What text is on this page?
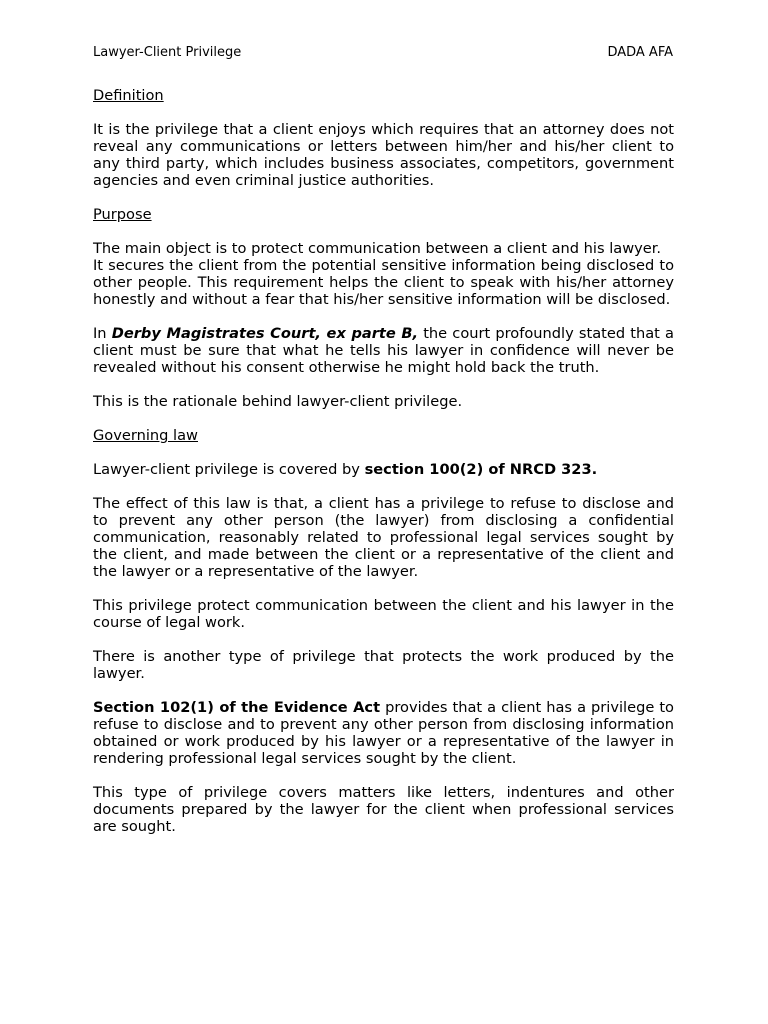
Lawyer-Client Privilege	DADA AFA
Definition

It is the privilege that a client enjoys which requires that an attorney does not reveal any communications or letters between him/her and his/her client to any third party, which includes business associates, competitors, government agencies and even criminal justice authorities.

Purpose

The main object is to protect communication between a client and his lawyer.
It secures the client from the potential sensitive information being disclosed to other people. This requirement helps the client to speak with his/her attorney honestly and without a fear that his/her sensitive information will be disclosed.

In Derby Magistrates Court, ex parte B, the court profoundly stated that a client must be sure that what he tells his lawyer in confidence will never be revealed without his consent otherwise he might hold back the truth.

This is the rationale behind lawyer-client privilege.

Governing law

Lawyer-client privilege is covered by section 100(2) of NRCD 323.

The effect of this law is that, a client has a privilege to refuse to disclose and to prevent any other person (the lawyer) from disclosing a confidential communication, reasonably related to professional legal services sought by the client, and made between the client or a representative of the client and the lawyer or a representative of the lawyer.

This privilege protect communication between the client and his lawyer in the course of legal work.

There is another type of privilege that protects the work produced by the lawyer.

Section 102(1) of the Evidence Act provides that a client has a privilege to refuse to disclose and to prevent any other person from disclosing information obtained or work produced by his lawyer or a representative of the lawyer in rendering professional legal services sought by the client.

This type of privilege covers matters like letters, indentures and other documents prepared by the lawyer for the client when professional services are sought.
